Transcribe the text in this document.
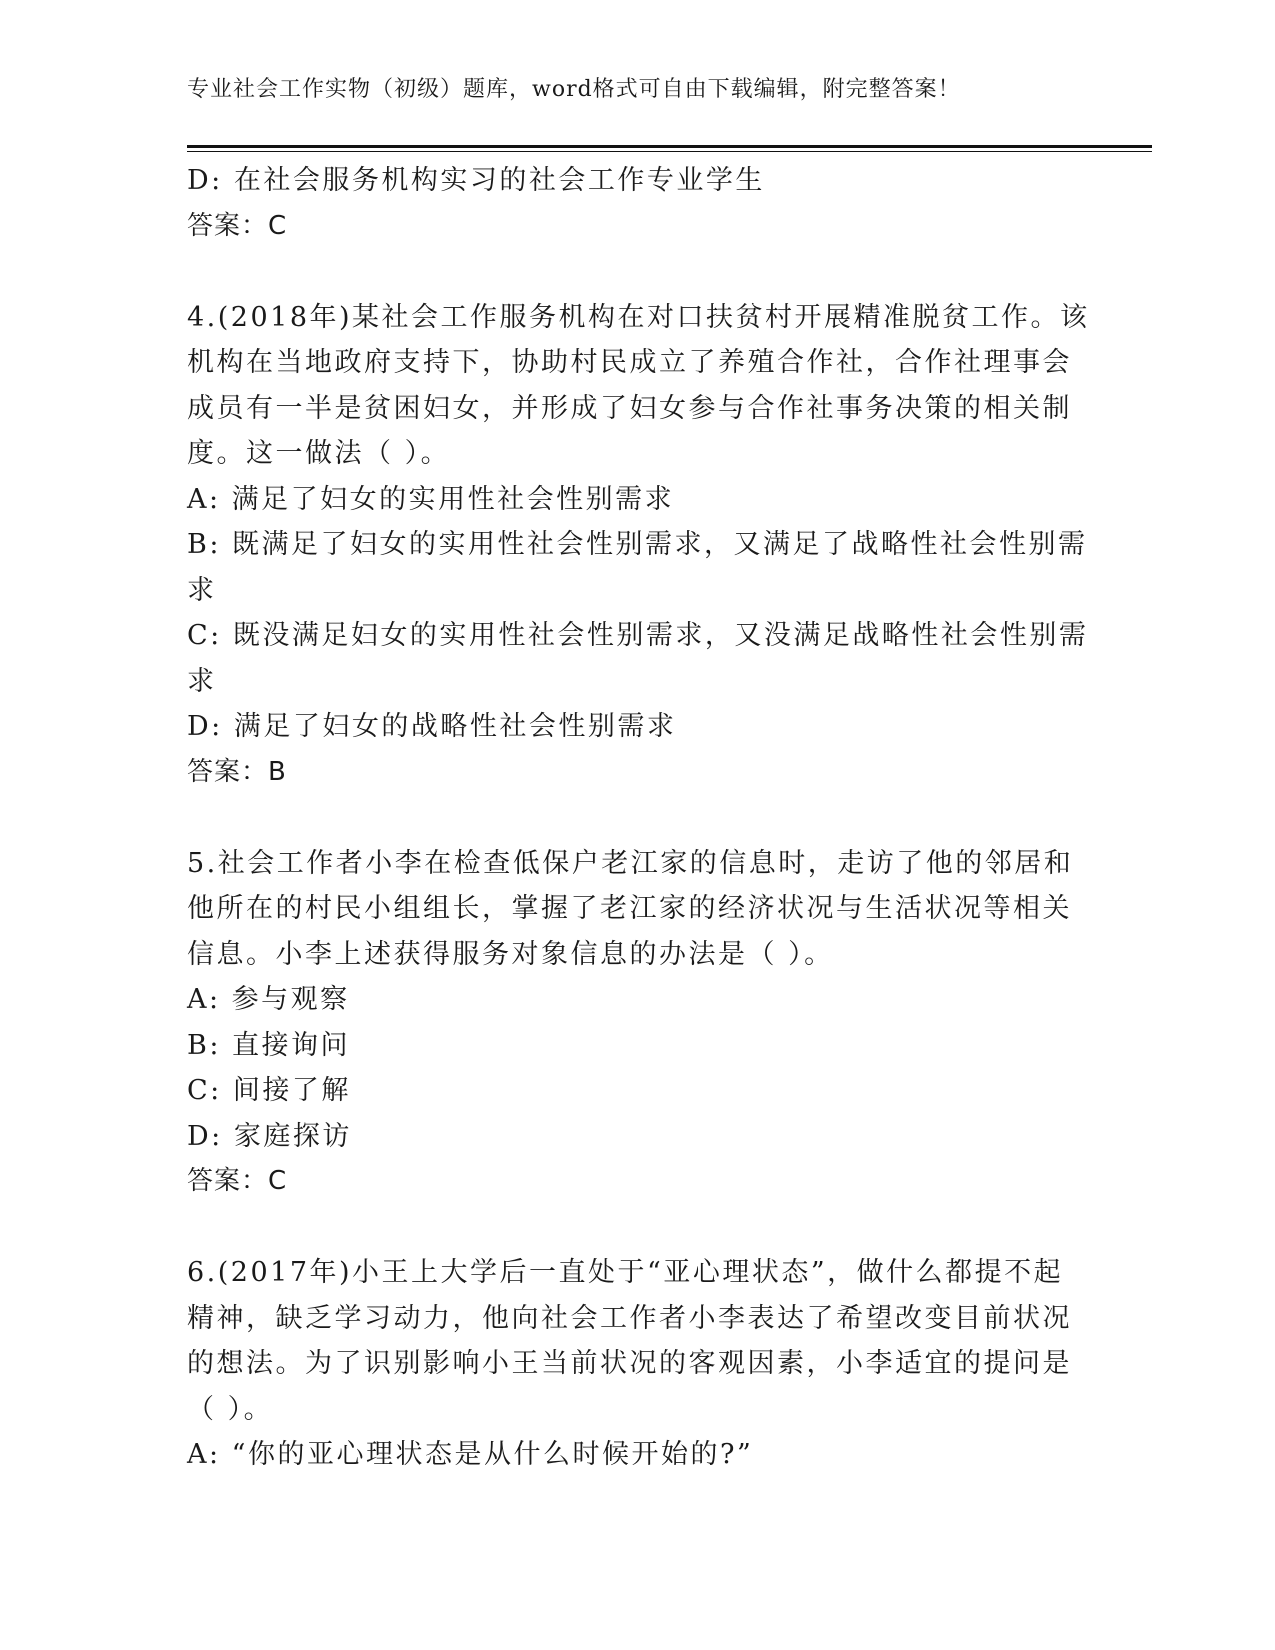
专业社会工作实物（初级）题库，word格式可自由下载编辑，附完整答案！
D: 在社会服务机构实习的社会工作专业学生
答案：C
4.(2018年)某社会工作服务机构在对口扶贫村开展精准脱贫工作。该
机构在当地政府支持下，协助村民成立了养殖合作社，合作社理事会
成员有一半是贫困妇女，并形成了妇女参与合作社事务决策的相关制
度。这一做法（ ）。
A: 满足了妇女的实用性社会性别需求
B: 既满足了妇女的实用性社会性别需求，又满足了战略性社会性别需
求
C: 既没满足妇女的实用性社会性别需求，又没满足战略性社会性别需
求
D: 满足了妇女的战略性社会性别需求
答案：B
5.社会工作者小李在检查低保户老江家的信息时，走访了他的邻居和
他所在的村民小组组长，掌握了老江家的经济状况与生活状况等相关
信息。小李上述获得服务对象信息的办法是（ ）。
A: 参与观察
B: 直接询问
C: 间接了解
D: 家庭探访
答案：C
6.(2017年)小王上大学后一直处于“亚心理状态”，做什么都提不起
精神，缺乏学习动力，他向社会工作者小李表达了希望改变目前状况
的想法。为了识别影响小王当前状况的客观因素，小李适宜的提问是
（ ）。
A: “你的亚心理状态是从什么时候开始的?”
